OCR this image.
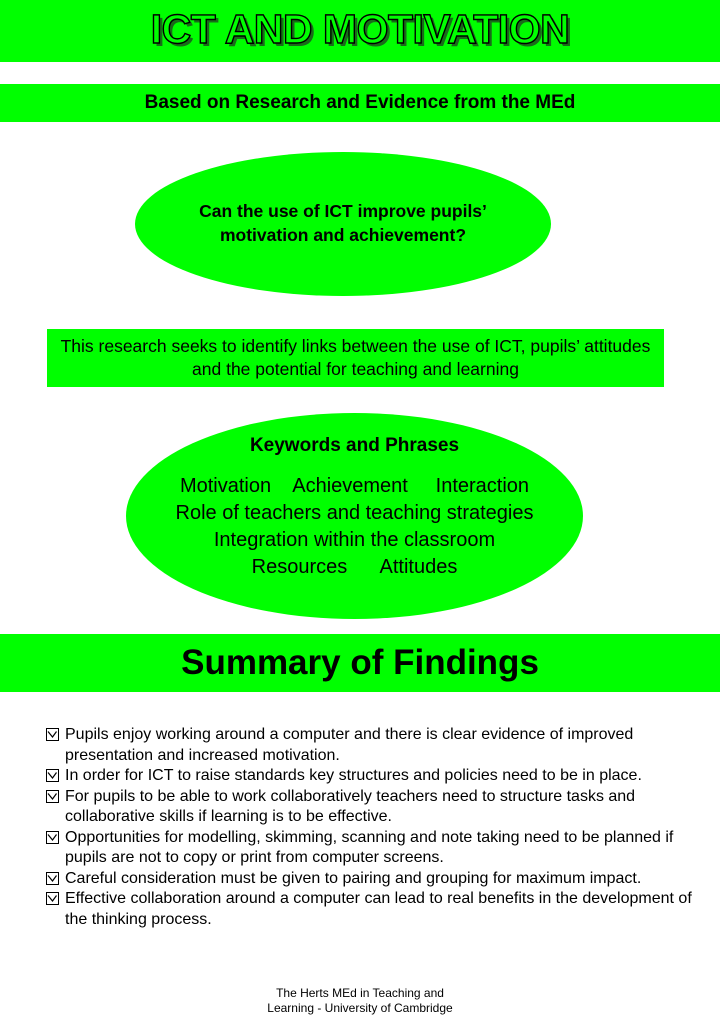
ICT AND MOTIVATION
Based on Research and Evidence from the MEd
Can the use of ICT improve pupils’ motivation and achievement?
This research seeks to identify links between the use of ICT, pupils’ attitudes and the potential for teaching and learning
Keywords and Phrases
Motivation Achievement Interaction
Role of teachers and teaching strategies
Integration within the classroom
Resources Attitudes
Summary of Findings
Pupils enjoy working around a computer and there is clear evidence of improved presentation and increased motivation.
In order for ICT to raise standards key structures and policies need to be in place.
For pupils to be able to work collaboratively teachers need to structure tasks and collaborative skills if learning is to be effective.
Opportunities for modelling, skimming, scanning and note taking need to be planned if pupils are not to copy or print from computer screens.
Careful consideration must be given to pairing and grouping for maximum impact.
Effective collaboration around a computer can lead to real benefits in the development of the thinking process.
The Herts MEd in Teaching and
Learning - University of Cambridge
